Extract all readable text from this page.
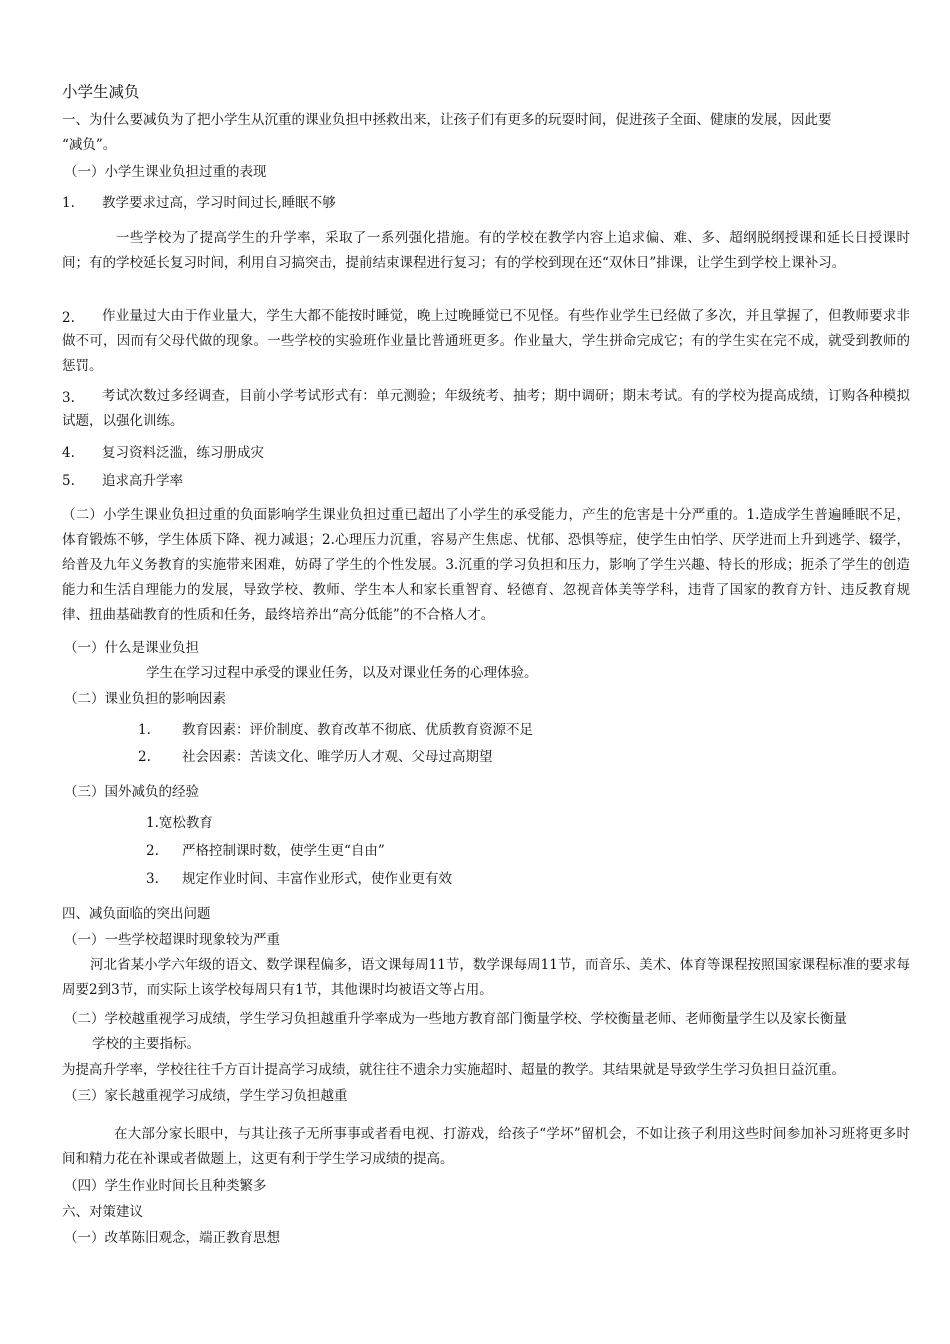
小学生减负
一、为什么要减负为了把小学生从沉重的课业负担中拯救出来，让孩子们有更多的玩耍时间，促进孩子全面、健康的发展，因此要
“减负”。
（一）小学生课业负担过重的表现
1. 教学要求过高，学习时间过长,睡眠不够
一些学校为了提高学生的升学率，采取了一系列强化措施。有的学校在教学内容上追求偏、难、多、超纲脱纲授课和延长日授课时间；有的学校延长复习时间，利用自习搞突击，提前结束课程进行复习；有的学校到现在还“双休日”排课，让学生到学校上课补习。
2.	作业量过大由于作业量大，学生大都不能按时睡觉，晚上过晚睡觉已不见怪。有些作业学生已经做了多次，并且掌握了，但教师要求非做不可，因而有父母代做的现象。一些学校的实验班作业量比普通班更多。作业量大，学生拼命完成它；有的学生实在完不成，就受到教师的惩罚。
3.	考试次数过多经调查，目前小学考试形式有：单元测验；年级统考、抽考；期中调研；期末考试。有的学校为提高成绩，订购各种模拟试题，以强化训练。
4. 复习资料泛滥，练习册成灾
5. 追求高升学率
（二）小学生课业负担过重的负面影响学生课业负担过重已超出了小学生的承受能力，产生的危害是十分严重的。1.造成学生普遍睡眠不足，体育锻炼不够，学生体质下降、视力减退；2.心理压力沉重，容易产生焦虑、忧郁、恐惧等症，使学生由怕学、厌学进而上升到逃学、辍学，给普及九年义务教育的实施带来困难，妨碍了学生的个性发展。3.沉重的学习负担和压力，影响了学生兴趣、特长的形成；扼杀了学生的创造能力和生活自理能力的发展，导致学校、教师、学生本人和家长重智育、轻德育、忽视音体美等学科，违背了国家的教育方针、违反教育规律、扭曲基础教育的性质和任务，最终培养出“高分低能”的不合格人才。
（一）什么是课业负担
学生在学习过程中承受的课业任务，以及对课业任务的心理体验。
（二）课业负担的影响因素
1. 教育因素：评价制度、教育改革不彻底、优质教育资源不足
2. 社会因素：苦读文化、唯学历人才观、父母过高期望
（三）国外减负的经验
1.宽松教育
2. 严格控制课时数，使学生更“自由”
3. 规定作业时间、丰富作业形式，使作业更有效
四、减负面临的突出问题
（一）一些学校超课时现象较为严重
河北省某小学六年级的语文、数学课程偏多，语文课每周11节，数学课每周11节，而音乐、美术、体育等课程按照国家课程标准的要求每周要2到3节，而实际上该学校每周只有1节，其他课时均被语文等占用。
（二）学校越重视学习成绩，学生学习负担越重升学率成为一些地方教育部门衡量学校、学校衡量老师、老师衡量学生以及家长衡量
学校的主要指标。
为提高升学率，学校往往千方百计提高学习成绩，就往往不遗余力实施超时、超量的教学。其结果就是导致学生学习负担日益沉重。
（三）家长越重视学习成绩，学生学习负担越重
在大部分家长眼中，与其让孩子无所事事或者看电视、打游戏，给孩子“学坏”留机会，不如让孩子利用这些时间参加补习班将更多时间和精力花在补课或者做题上，这更有利于学生学习成绩的提高。
（四）学生作业时间长且种类繁多
六、对策建议
（一）改革陈旧观念，端正教育思想
